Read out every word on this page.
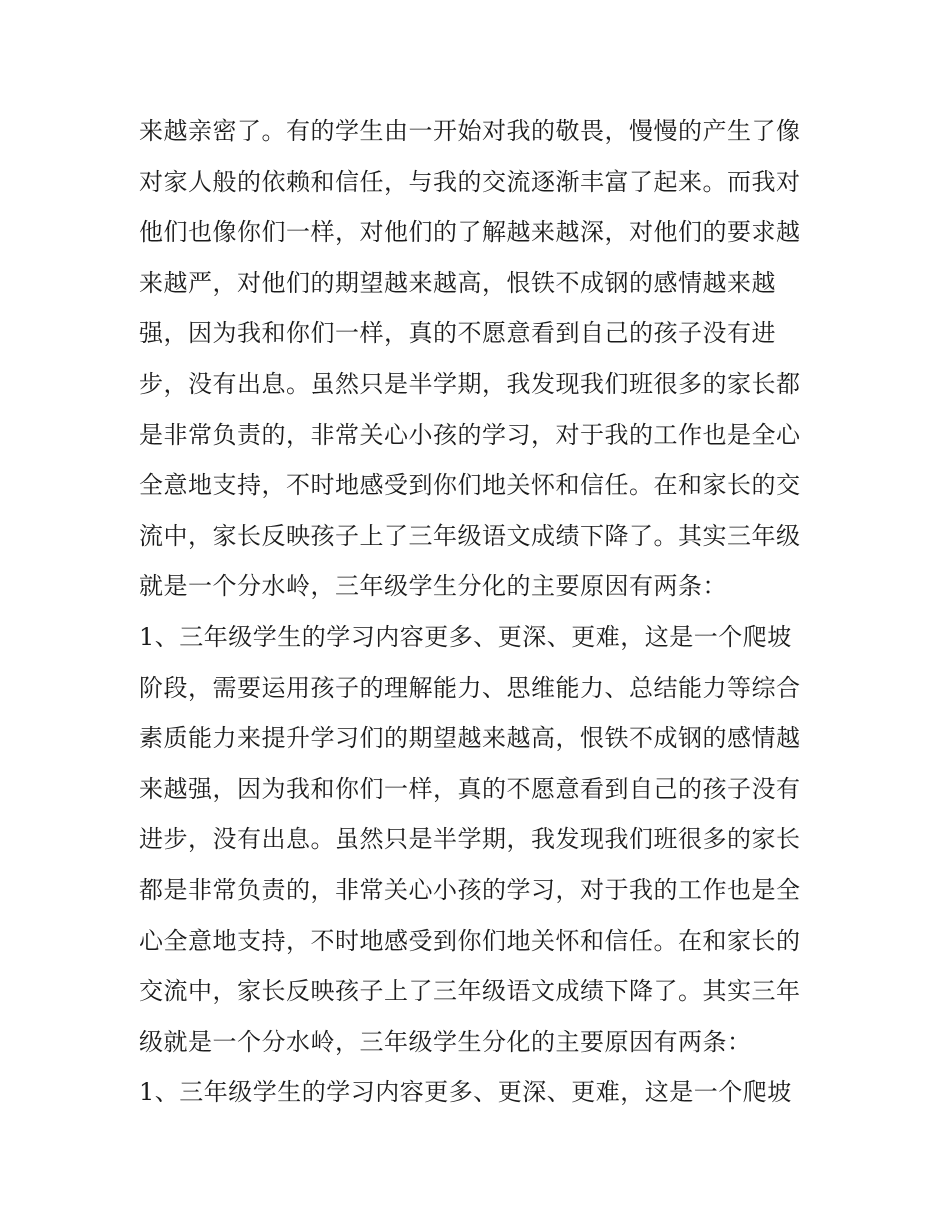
来越亲密了。有的学生由一开始对我的敬畏，慢慢的产生了像
对家人般的依赖和信任，与我的交流逐渐丰富了起来。而我对
他们也像你们一样，对他们的了解越来越深，对他们的要求越
来越严，对他们的期望越来越高，恨铁不成钢的感情越来越
强，因为我和你们一样，真的不愿意看到自己的孩子没有进
步，没有出息。虽然只是半学期，我发现我们班很多的家长都
是非常负责的，非常关心小孩的学习，对于我的工作也是全心
全意地支持，不时地感受到你们地关怀和信任。在和家长的交
流中，家长反映孩子上了三年级语文成绩下降了。其实三年级
就是一个分水岭，三年级学生分化的主要原因有两条：
1、三年级学生的学习内容更多、更深、更难，这是一个爬坡
阶段，需要运用孩子的理解能力、思维能力、总结能力等综合
素质能力来提升学习们的期望越来越高，恨铁不成钢的感情越
来越强，因为我和你们一样，真的不愿意看到自己的孩子没有
进步，没有出息。虽然只是半学期，我发现我们班很多的家长
都是非常负责的，非常关心小孩的学习，对于我的工作也是全
心全意地支持，不时地感受到你们地关怀和信任。在和家长的
交流中，家长反映孩子上了三年级语文成绩下降了。其实三年
级就是一个分水岭，三年级学生分化的主要原因有两条：
1、三年级学生的学习内容更多、更深、更难，这是一个爬坡
